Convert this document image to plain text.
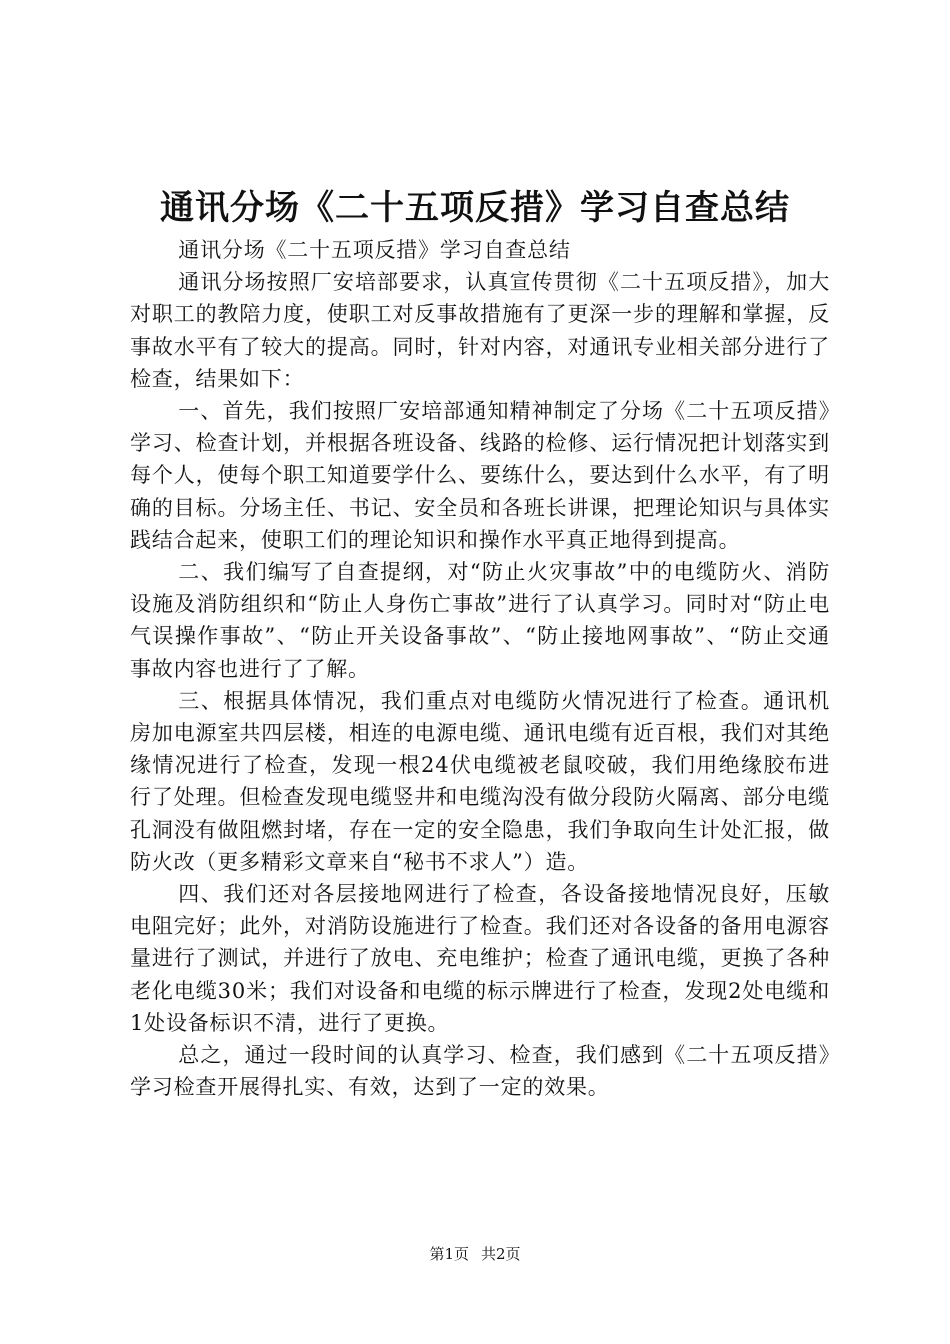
通讯分场《二十五项反措》学习自查总结

通讯分场《二十五项反措》学习自查总结

通讯分场按照厂安培部要求，认真宣传贯彻《二十五项反措》，加大对职工的教陪力度，使职工对反事故措施有了更深一步的理解和掌握，反事故水平有了较大的提高。同时，针对内容，对通讯专业相关部分进行了检查，结果如下：

一、首先，我们按照厂安培部通知精神制定了分场《二十五项反措》学习、检查计划，并根据各班设备、线路的检修、运行情况把计划落实到每个人，使每个职工知道要学什么、要练什么，要达到什么水平，有了明确的目标。分场主任、书记、安全员和各班长讲课，把理论知识与具体实践结合起来，使职工们的理论知识和操作水平真正地得到提高。

二、我们编写了自查提纲，对“防止火灾事故”中的电缆防火、消防设施及消防组织和“防止人身伤亡事故”进行了认真学习。同时对“防止电气误操作事故”、“防止开关设备事故”、“防止接地网事故”、“防止交通事故内容也进行了了解。

三、根据具体情况，我们重点对电缆防火情况进行了检查。通讯机房加电源室共四层楼，相连的电源电缆、通讯电缆有近百根，我们对其绝缘情况进行了检查，发现一根24伏电缆被老鼠咬破，我们用绝缘胶布进行了处理。但检查发现电缆竖井和电缆沟没有做分段防火隔离、部分电缆孔洞没有做阻燃封堵，存在一定的安全隐患，我们争取向生计处汇报，做防火改（更多精彩文章来自“秘书不求人”）造。

四、我们还对各层接地网进行了检查，各设备接地情况良好，压敏电阻完好；此外，对消防设施进行了检查。我们还对各设备的备用电源容量进行了测试，并进行了放电、充电维护；检查了通讯电缆，更换了各种老化电缆30米；我们对设备和电缆的标示牌进行了检查，发现2处电缆和1处设备标识不清，进行了更换。

总之，通过一段时间的认真学习、检查，我们感到《二十五项反措》学习检查开展得扎实、有效，达到了一定的效果。

第1页 共2页
